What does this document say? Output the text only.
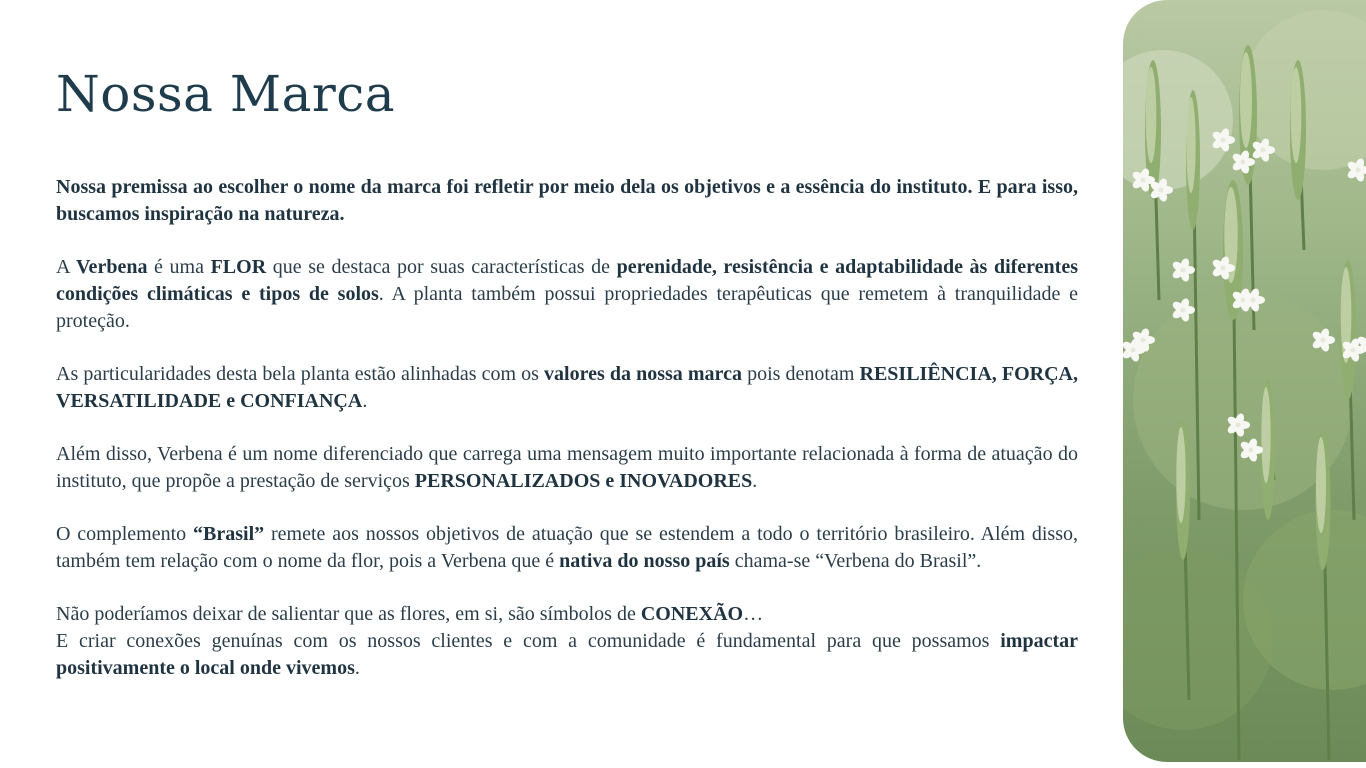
Nossa Marca

Nossa premissa ao escolher o nome da marca foi refletir por meio dela os objetivos e a essência do instituto. E para isso, buscamos inspiração na natureza.

A Verbena é uma FLOR que se destaca por suas características de perenidade, resistência e adaptabilidade às diferentes condições climáticas e tipos de solos. A planta também possui propriedades terapêuticas que remetem à tranquilidade e proteção.

As particularidades desta bela planta estão alinhadas com os valores da nossa marca pois denotam RESILIÊNCIA, FORÇA, VERSATILIDADE e CONFIANÇA.

Além disso, Verbena é um nome diferenciado que carrega uma mensagem muito importante relacionada à forma de atuação do instituto, que propõe a prestação de serviços PERSONALIZADOS e INOVADORES.

O complemento “Brasil” remete aos nossos objetivos de atuação que se estendem a todo o território brasileiro. Além disso, também tem relação com o nome da flor, pois a Verbena que é nativa do nosso país chama-se “Verbena do Brasil”.

Não poderíamos deixar de salientar que as flores, em si, são símbolos de CONEXÃO…
E criar conexões genuínas com os nossos clientes e com a comunidade é fundamental para que possamos impactar positivamente o local onde vivemos.
